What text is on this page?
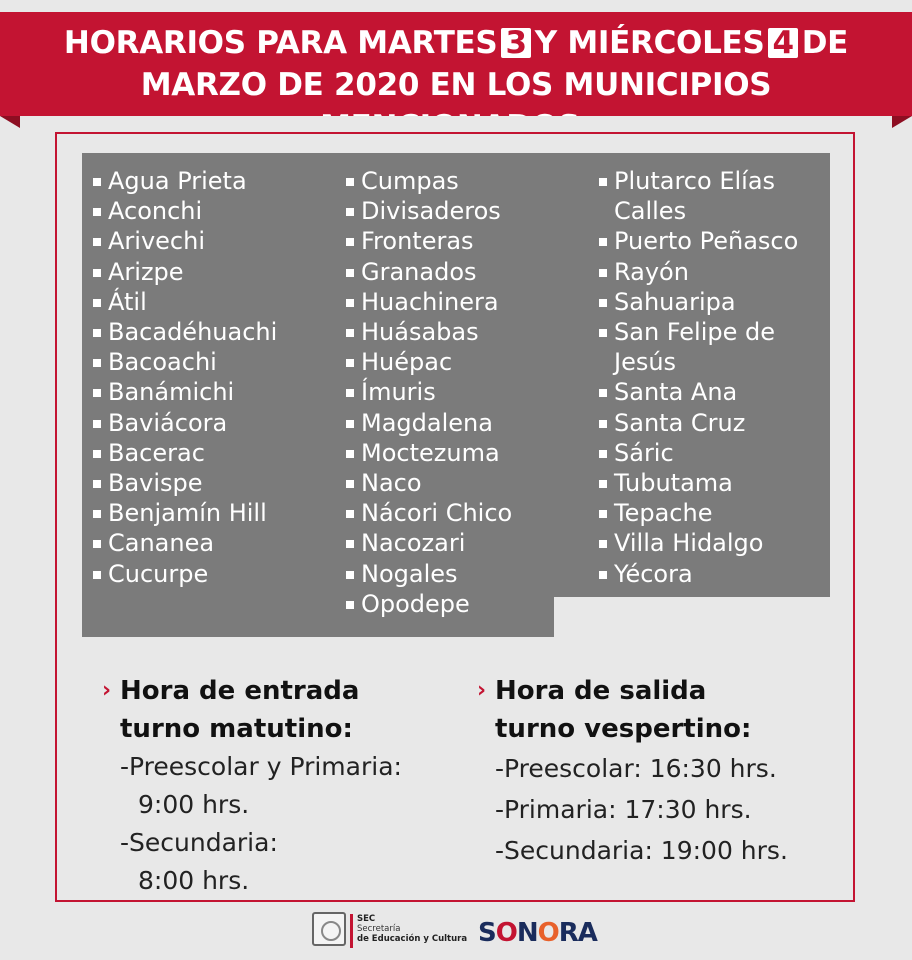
HORARIOS PARA MARTES 3 Y MIÉRCOLES 4 DE
MARZO DE 2020 EN LOS MUNICIPIOS
Agua Prieta
Aconchi
Arivechi
Arizpe
Átil
Bacadéhuachi
Bacoachi
Banámichi
Baviácora
Bacerac
Bavispe
Benjamín Hill
Cananea
Cucurpe
Cumpas
Divisaderos
Fronteras
Granados
Huachinera
Huásabas
Huépac
Ímuris
Magdalena
Moctezuma
Naco
Nácori Chico
Nacozari
Nogales
Opodepe
Plutarco Elías Calles
Puerto Peñasco
Rayón
Sahuaripa
San Felipe de Jesús
Santa Ana
Santa Cruz
Sáric
Tubutama
Tepache
Villa Hidalgo
Yécora
› Hora de entrada
turno matutino:
-Preescolar y Primaria:
9:00 hrs.
-Secundaria:
8:00 hrs.
› Hora de salida
turno vespertino:
-Preescolar: 16:30 hrs.
-Primaria: 17:30 hrs.
-Secundaria: 19:00 hrs.
SEC
Secretaría
de Educación y Cultura SONORA
